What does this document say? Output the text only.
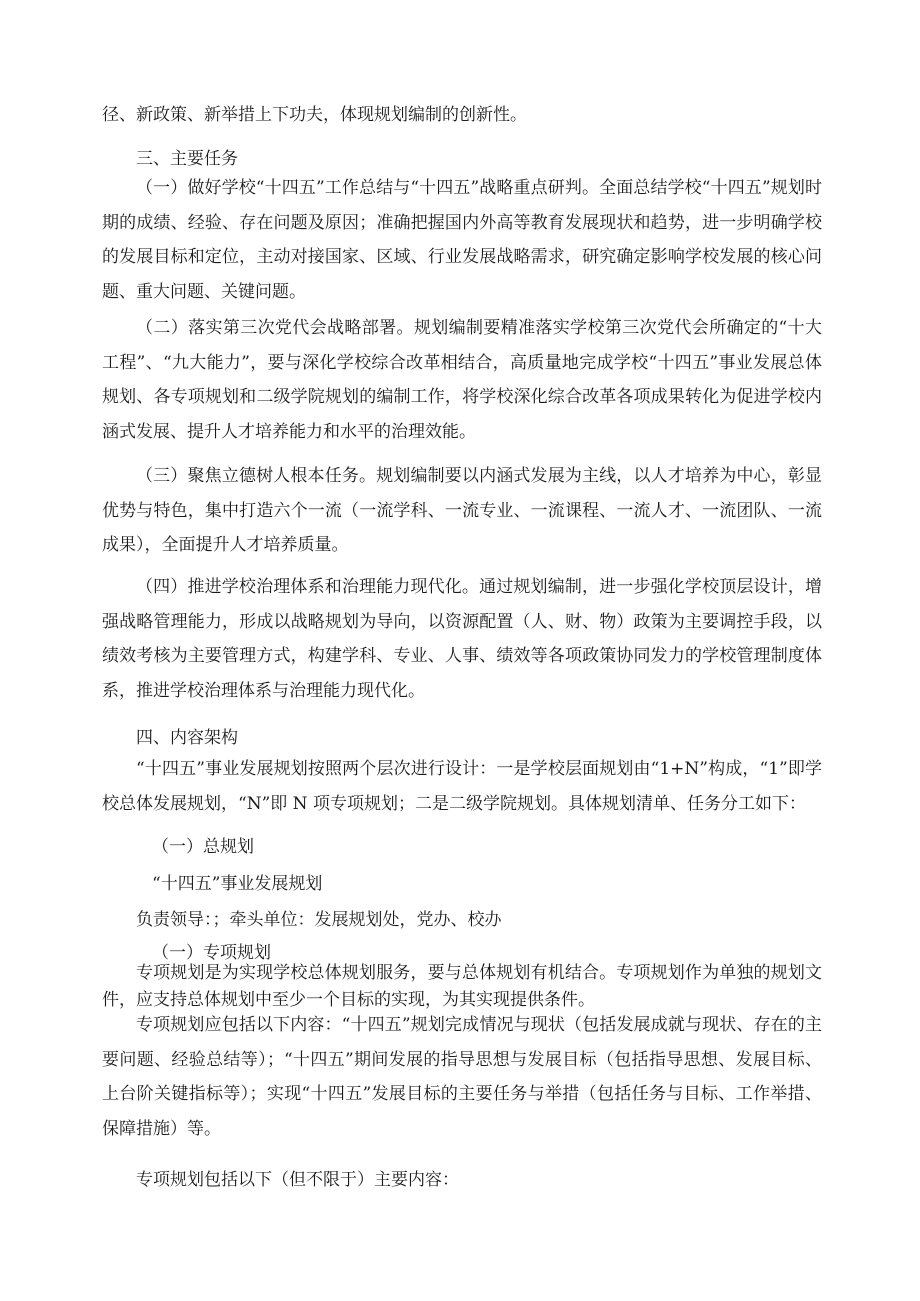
径、新政策、新举措上下功夫，体现规划编制的创新性。

三、主要任务

（一）做好学校“十四五”工作总结与“十四五”战略重点研判。全面总结学校“十四五”规划时期的成绩、经验、存在问题及原因；准确把握国内外高等教育发展现状和趋势，进一步明确学校的发展目标和定位，主动对接国家、区域、行业发展战略需求，研究确定影响学校发展的核心问题、重大问题、关键问题。

（二）落实第三次党代会战略部署。规划编制要精准落实学校第三次党代会所确定的“十大工程”、“九大能力”，要与深化学校综合改革相结合，高质量地完成学校“十四五”事业发展总体规划、各专项规划和二级学院规划的编制工作，将学校深化综合改革各项成果转化为促进学校内涵式发展、提升人才培养能力和水平的治理效能。

（三）聚焦立德树人根本任务。规划编制要以内涵式发展为主线，以人才培养为中心，彰显优势与特色，集中打造六个一流（一流学科、一流专业、一流课程、一流人才、一流团队、一流成果），全面提升人才培养质量。

（四）推进学校治理体系和治理能力现代化。通过规划编制，进一步强化学校顶层设计，增强战略管理能力，形成以战略规划为导向，以资源配置（人、财、物）政策为主要调控手段，以绩效考核为主要管理方式，构建学科、专业、人事、绩效等各项政策协同发力的学校管理制度体系，推进学校治理体系与治理能力现代化。

四、内容架构

“十四五”事业发展规划按照两个层次进行设计：一是学校层面规划由“1+N”构成，“1”即学校总体发展规划，“N”即 N 项专项规划；二是二级学院规划。具体规划清单、任务分工如下：

（一）总规划

“十四五”事业发展规划

负责领导：；牵头单位：发展规划处，党办、校办

（一）专项规划

专项规划是为实现学校总体规划服务，要与总体规划有机结合。专项规划作为单独的规划文件，应支持总体规划中至少一个目标的实现，为其实现提供条件。

专项规划应包括以下内容：“十四五”规划完成情况与现状（包括发展成就与现状、存在的主要问题、经验总结等）；“十四五”期间发展的指导思想与发展目标（包括指导思想、发展目标、上台阶关键指标等）；实现“十四五”发展目标的主要任务与举措（包括任务与目标、工作举措、保障措施）等。

专项规划包括以下（但不限于）主要内容：
